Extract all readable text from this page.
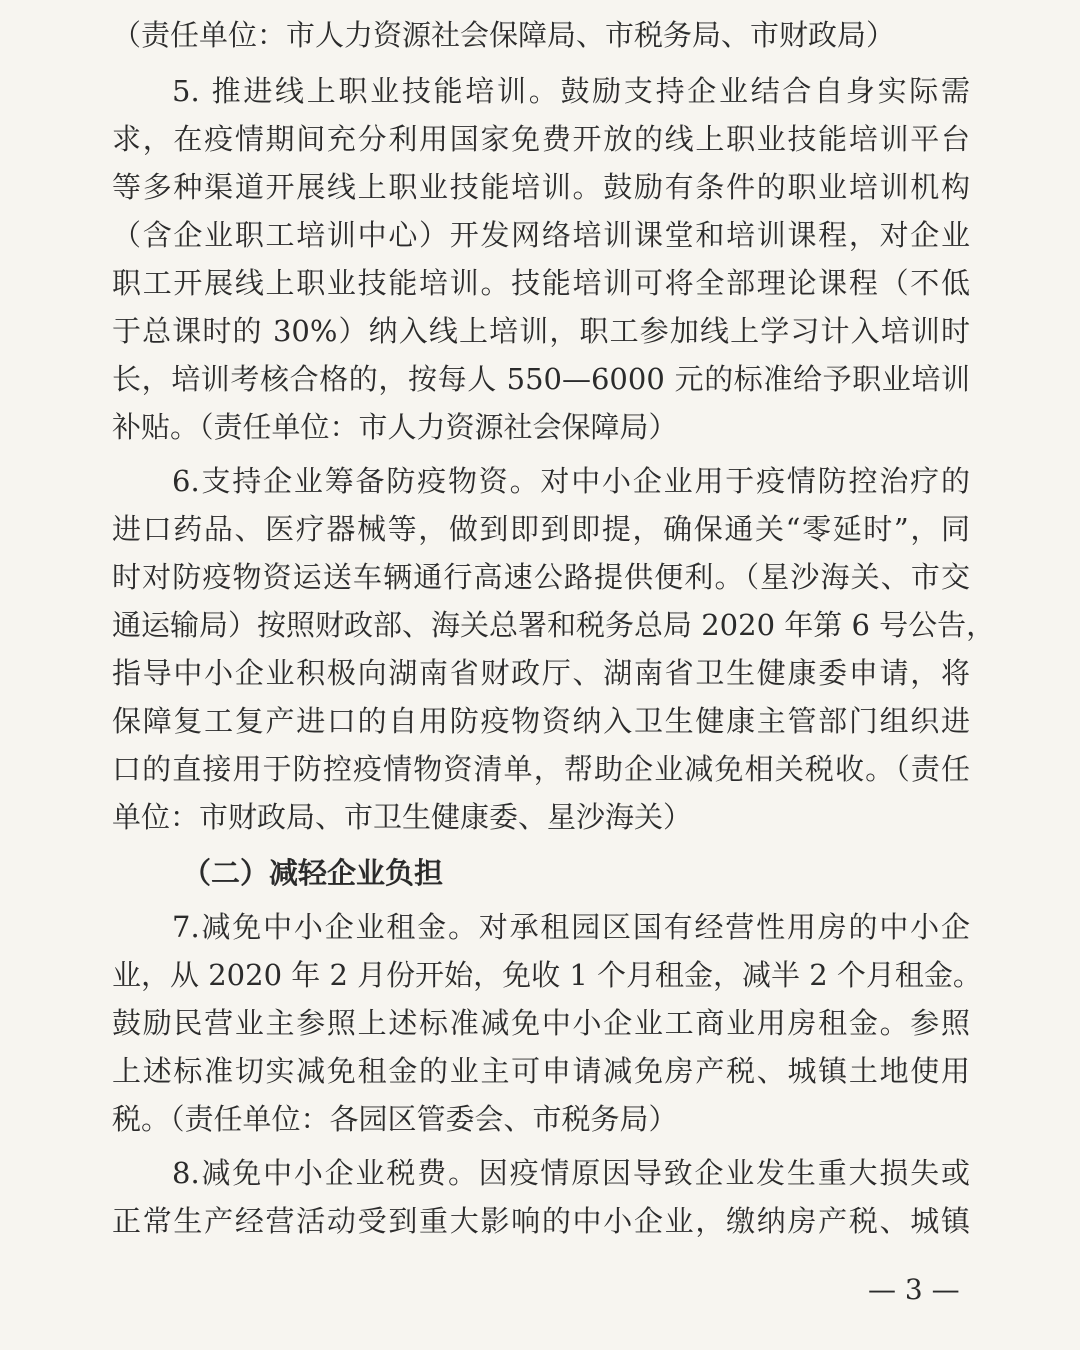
（责任单位：市人力资源社会保障局、市税务局、市财政局）
5. 推进线上职业技能培训。鼓励支持企业结合自身实际需
求，在疫情期间充分利用国家免费开放的线上职业技能培训平台
等多种渠道开展线上职业技能培训。鼓励有条件的职业培训机构
（含企业职工培训中心）开发网络培训课堂和培训课程，对企业
职工开展线上职业技能培训。技能培训可将全部理论课程（不低
于总课时的 30%）纳入线上培训，职工参加线上学习计入培训时
长，培训考核合格的，按每人 550—6000 元的标准给予职业培训
补贴。（责任单位：市人力资源社会保障局）
6.支持企业筹备防疫物资。对中小企业用于疫情防控治疗的
进口药品、医疗器械等，做到即到即提，确保通关“零延时”，同
时对防疫物资运送车辆通行高速公路提供便利。（星沙海关、市交
通运输局）按照财政部、海关总署和税务总局 2020 年第 6 号公告，
指导中小企业积极向湖南省财政厅、湖南省卫生健康委申请，将
保障复工复产进口的自用防疫物资纳入卫生健康主管部门组织进
口的直接用于防控疫情物资清单，帮助企业减免相关税收。（责任
单位：市财政局、市卫生健康委、星沙海关）
（二）减轻企业负担
7.减免中小企业租金。对承租园区国有经营性用房的中小企
业，从 2020 年 2 月份开始，免收 1 个月租金，减半 2 个月租金。
鼓励民营业主参照上述标准减免中小企业工商业用房租金。参照
上述标准切实减免租金的业主可申请减免房产税、城镇土地使用
税。（责任单位：各园区管委会、市税务局）
8.减免中小企业税费。因疫情原因导致企业发生重大损失或
正常生产经营活动受到重大影响的中小企业，缴纳房产税、城镇
— 3 —
